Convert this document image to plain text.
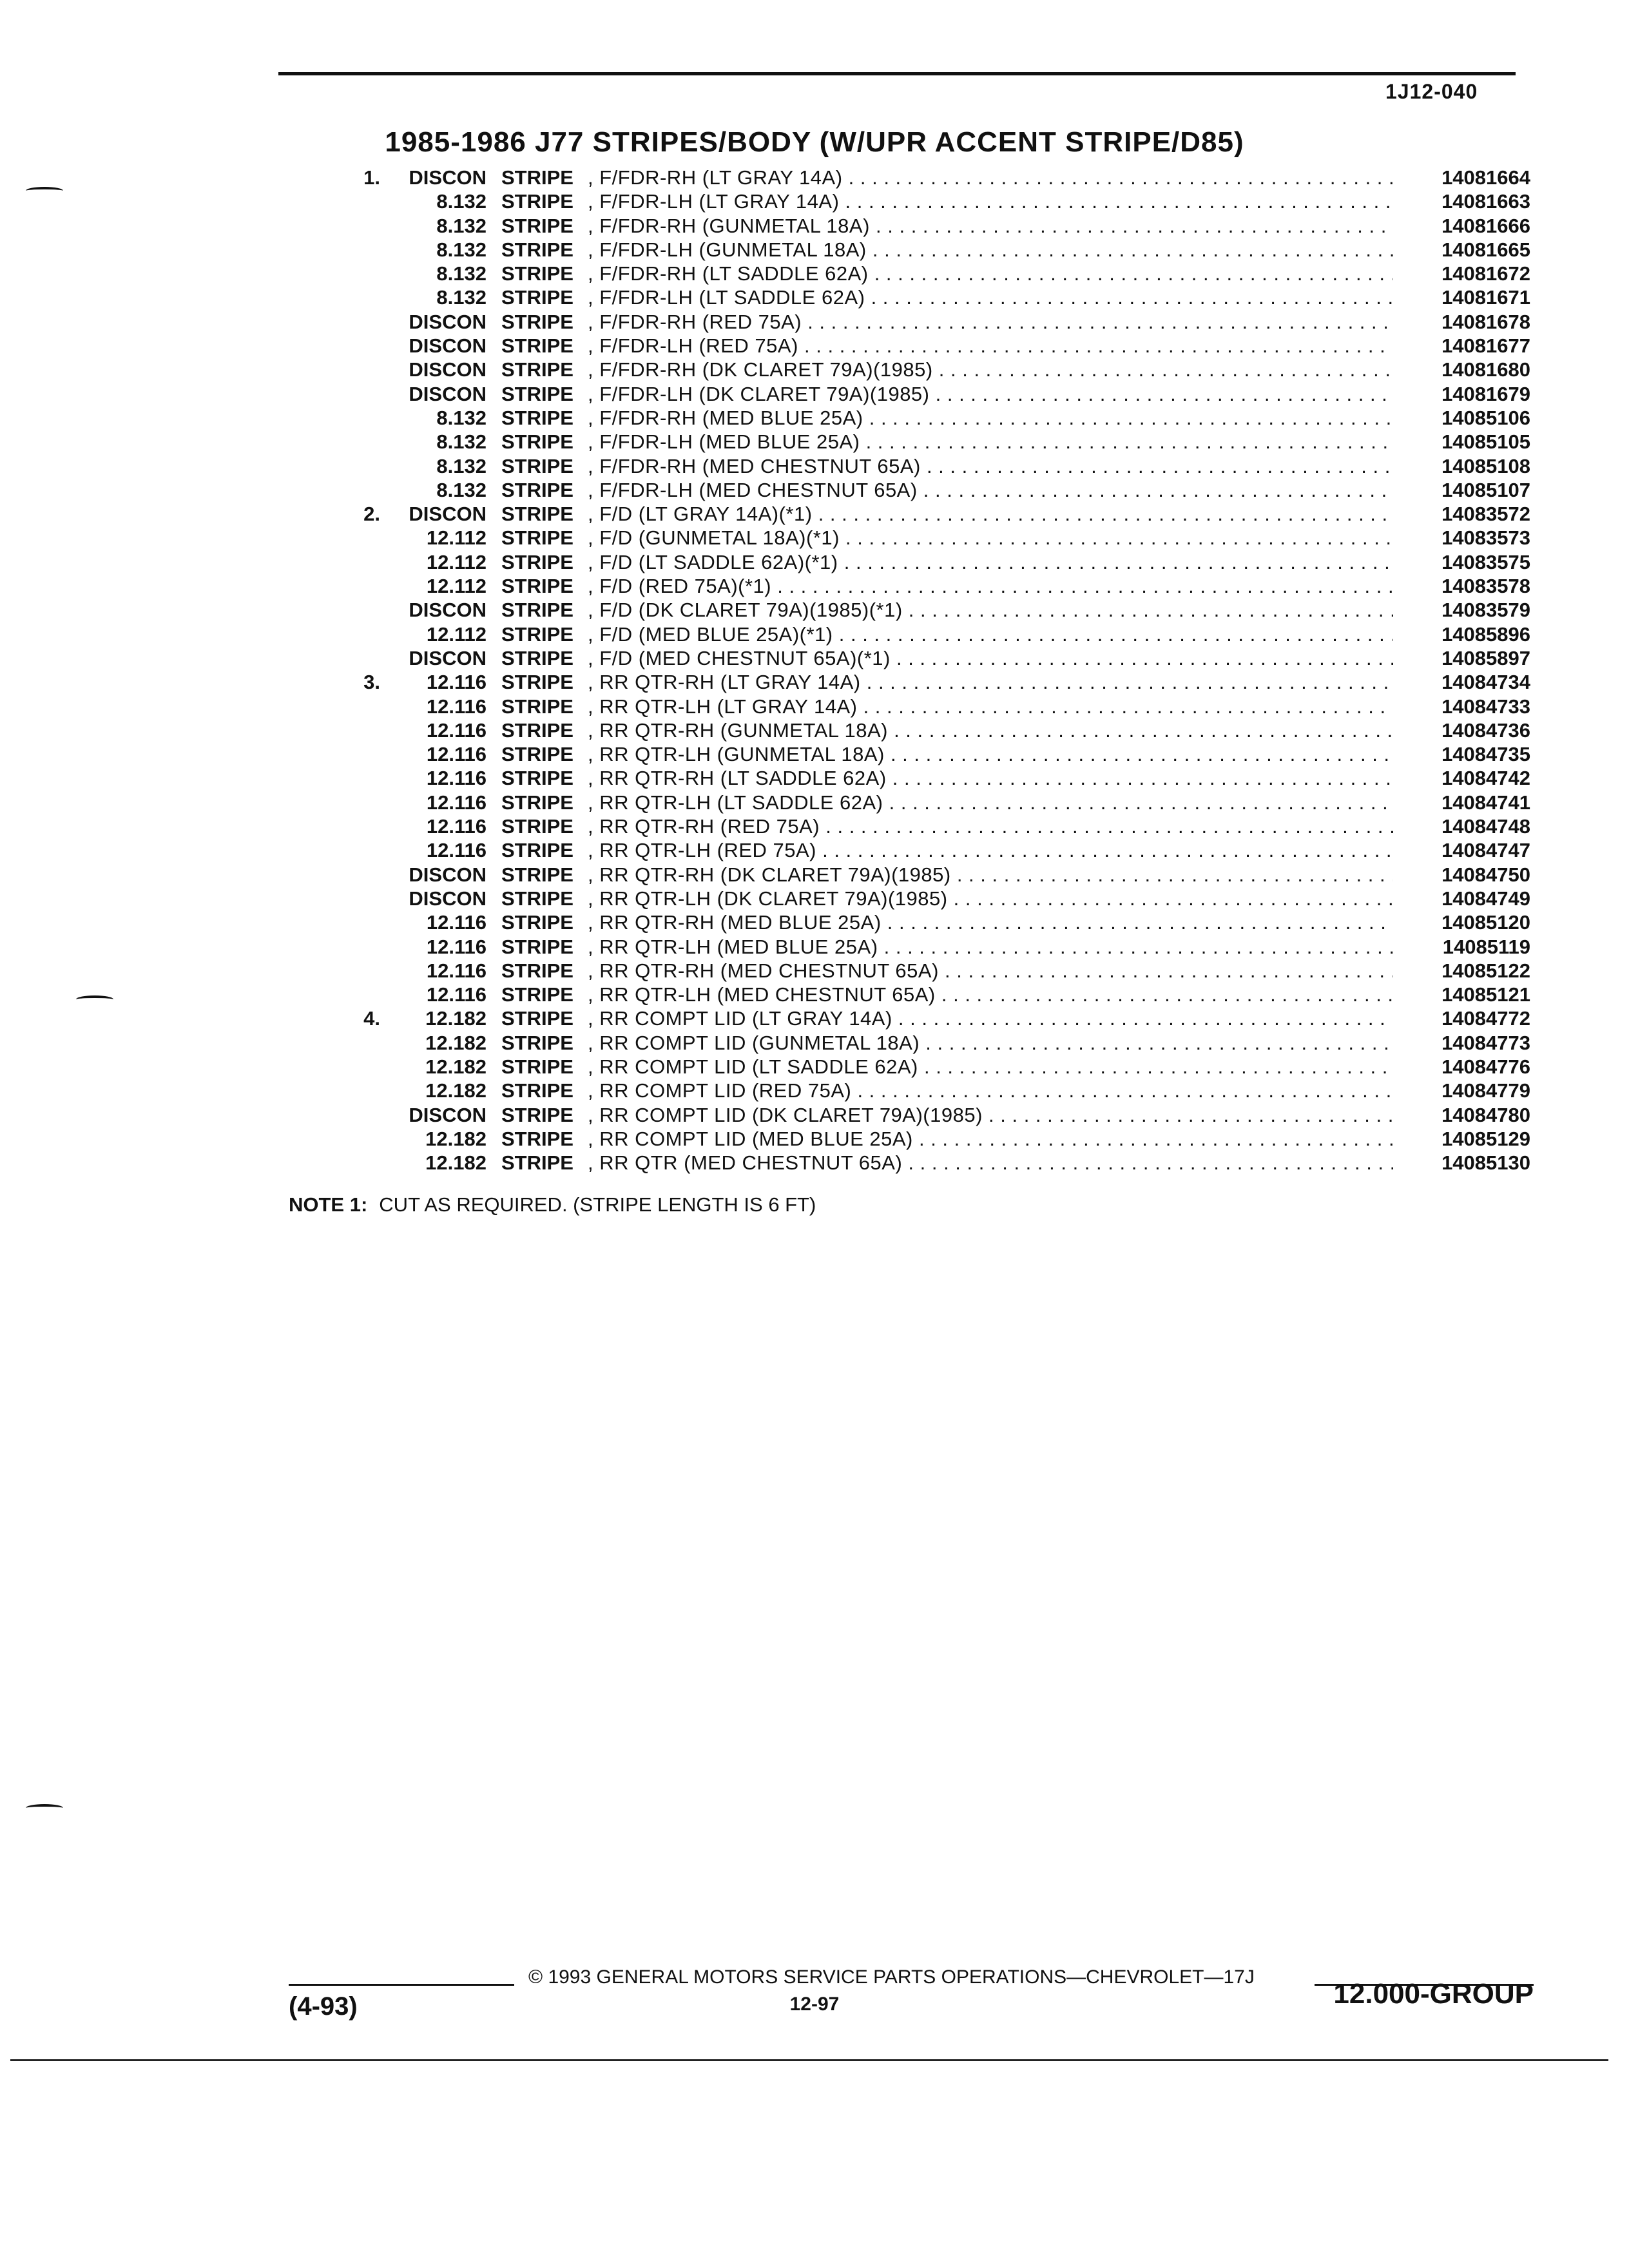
1J12-040
1985-1986 J77 STRIPES/BODY (W/UPR ACCENT STRIPE/D85)
1.	DISCON STRIPE , F/FDR-RH (LT GRAY 14A) . . .	14081664
8.132 STRIPE , F/FDR-LH (LT GRAY 14A) . . .	14081663
8.132 STRIPE , F/FDR-RH (GUNMETAL 18A) . . .	14081666
8.132 STRIPE , F/FDR-LH (GUNMETAL 18A) . . .	14081665
8.132 STRIPE , F/FDR-RH (LT SADDLE 62A) . . .	14081672
8.132 STRIPE , F/FDR-LH (LT SADDLE 62A) . . .	14081671
DISCON STRIPE , F/FDR-RH (RED 75A) . . .	14081678
DISCON STRIPE , F/FDR-LH (RED 75A) . . .	14081677
DISCON STRIPE , F/FDR-RH (DK CLARET 79A)(1985) . . .	14081680
DISCON STRIPE , F/FDR-LH (DK CLARET 79A)(1985) . . .	14081679
8.132 STRIPE , F/FDR-RH (MED BLUE 25A) . . .	14085106
8.132 STRIPE , F/FDR-LH (MED BLUE 25A) . . .	14085105
8.132 STRIPE , F/FDR-RH (MED CHESTNUT 65A) . . .	14085108
8.132 STRIPE , F/FDR-LH (MED CHESTNUT 65A) . . .	14085107
2.	DISCON STRIPE , F/D (LT GRAY 14A)(*1) . . .	14083572
12.112 STRIPE , F/D (GUNMETAL 18A)(*1) . . .	14083573
12.112 STRIPE , F/D (LT SADDLE 62A)(*1) . . .	14083575
12.112 STRIPE , F/D (RED 75A)(*1) . . .	14083578
DISCON STRIPE , F/D (DK CLARET 79A)(1985)(*1) . . .	14083579
12.112 STRIPE , F/D (MED BLUE 25A)(*1) . . .	14085896
DISCON STRIPE , F/D (MED CHESTNUT 65A)(*1) . . .	14085897
3.	12.116 STRIPE , RR QTR-RH (LT GRAY 14A) . . .	14084734
12.116 STRIPE , RR QTR-LH (LT GRAY 14A) . . .	14084733
12.116 STRIPE , RR QTR-RH (GUNMETAL 18A) . . .	14084736
12.116 STRIPE , RR QTR-LH (GUNMETAL 18A) . . .	14084735
12.116 STRIPE , RR QTR-RH (LT SADDLE 62A) . . .	14084742
12.116 STRIPE , RR QTR-LH (LT SADDLE 62A) . . .	14084741
12.116 STRIPE , RR QTR-RH (RED 75A) . . .	14084748
12.116 STRIPE , RR QTR-LH (RED 75A) . . .	14084747
DISCON STRIPE , RR QTR-RH (DK CLARET 79A)(1985) . . .	14084750
DISCON STRIPE , RR QTR-LH (DK CLARET 79A)(1985) . . .	14084749
12.116 STRIPE , RR QTR-RH (MED BLUE 25A) . . .	14085120
12.116 STRIPE , RR QTR-LH (MED BLUE 25A) . . .	14085119
12.116 STRIPE , RR QTR-RH (MED CHESTNUT 65A) . . .	14085122
12.116 STRIPE , RR QTR-LH (MED CHESTNUT 65A) . . .	14085121
4.	12.182 STRIPE , RR COMPT LID (LT GRAY 14A) . . .	14084772
12.182 STRIPE , RR COMPT LID (GUNMETAL 18A) . . .	14084773
12.182 STRIPE , RR COMPT LID (LT SADDLE 62A) . . .	14084776
12.182 STRIPE , RR COMPT LID (RED 75A) . . .	14084779
DISCON STRIPE , RR COMPT LID (DK CLARET 79A)(1985) . . .	14084780
12.182 STRIPE , RR COMPT LID (MED BLUE 25A) . . .	14085129
12.182 STRIPE , RR QTR (MED CHESTNUT 65A) . . .	14085130
NOTE 1: CUT AS REQUIRED. (STRIPE LENGTH IS 6 FT)
© 1993 GENERAL MOTORS SERVICE PARTS OPERATIONS—CHEVROLET—17J
(4-93)	12-97	12.000-GROUP
